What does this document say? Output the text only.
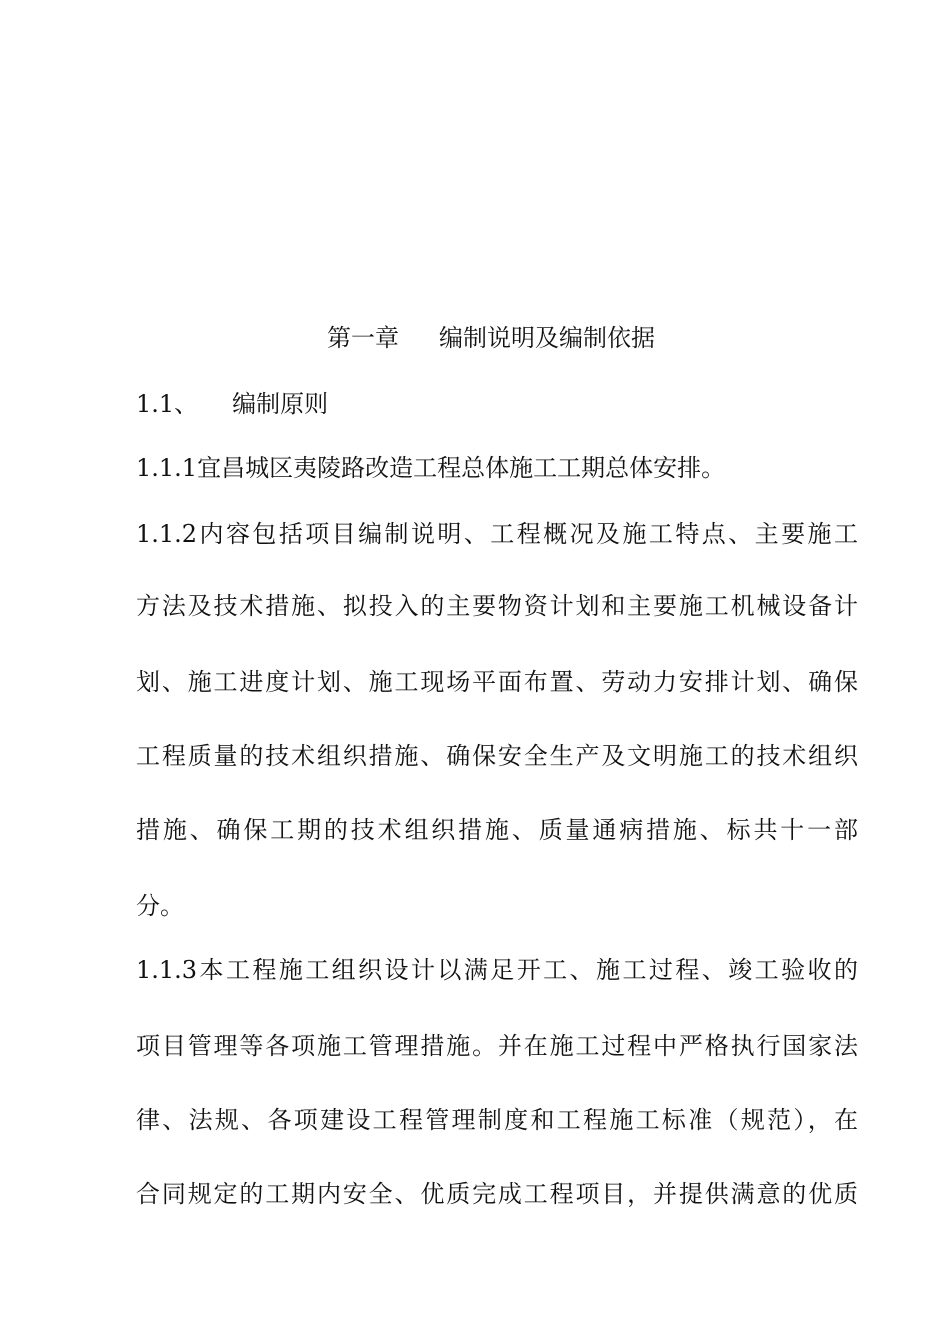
第一章 编制说明及编制依据
1.1、 编制原则
1.1.1宜昌城区夷陵路改造工程总体施工工期总体安排。
1.1.2内容包括项目编制说明、工程概况及施工特点、主要施工
方法及技术措施、拟投入的主要物资计划和主要施工机械设备计
划、施工进度计划、施工现场平面布置、劳动力安排计划、确保
工程质量的技术组织措施、确保安全生产及文明施工的技术组织
措施、确保工期的技术组织措施、质量通病措施、标共十一部
分。
1.1.3本工程施工组织设计以满足开工、施工过程、竣工验收的
项目管理等各项施工管理措施。并在施工过程中严格执行国家法
律、法规、各项建设工程管理制度和工程施工标准（规范），在
合同规定的工期内安全、优质完成工程项目，并提供满意的优质
